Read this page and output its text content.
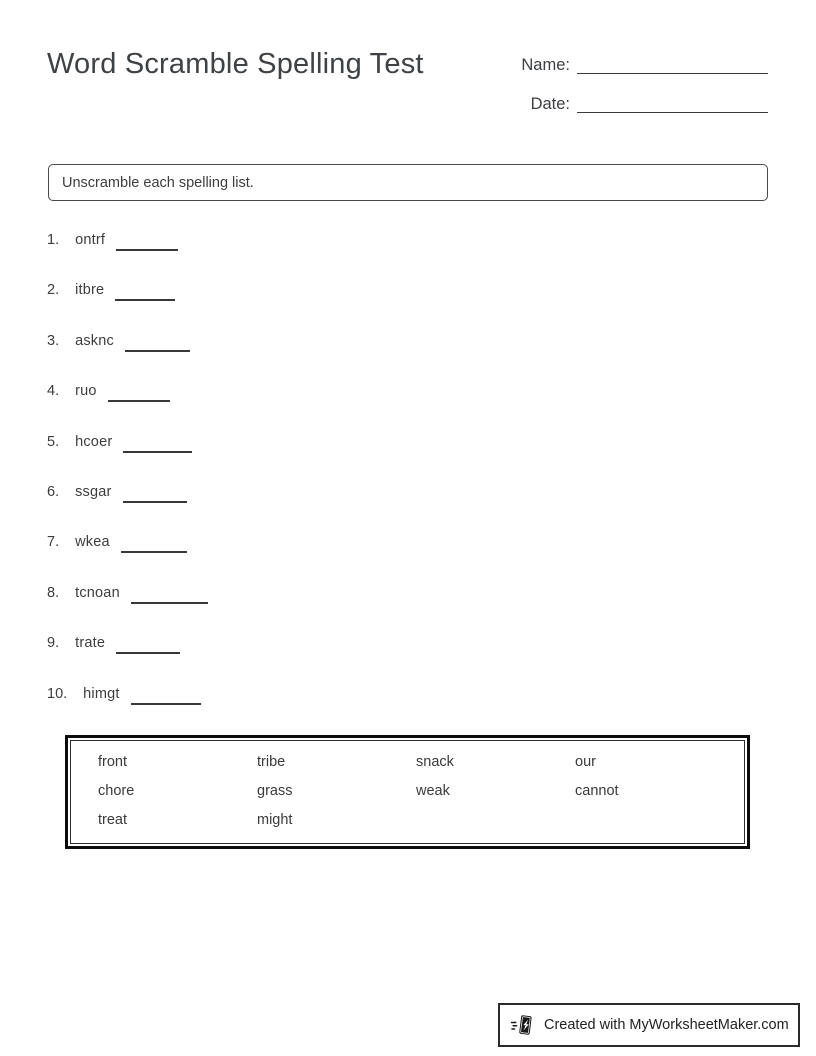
Word Scramble Spelling Test	Name:
Date:
Unscramble each spelling list.
1. ontrf
2. itbre
3. asknc
4. ruo
5. hcoer
6. ssgar
7. wkea
8. tcnoan
9. trate
10. himgt
front	tribe	snack	our
chore	grass	weak	cannot
treat	might
Created with MyWorksheetMaker.com
